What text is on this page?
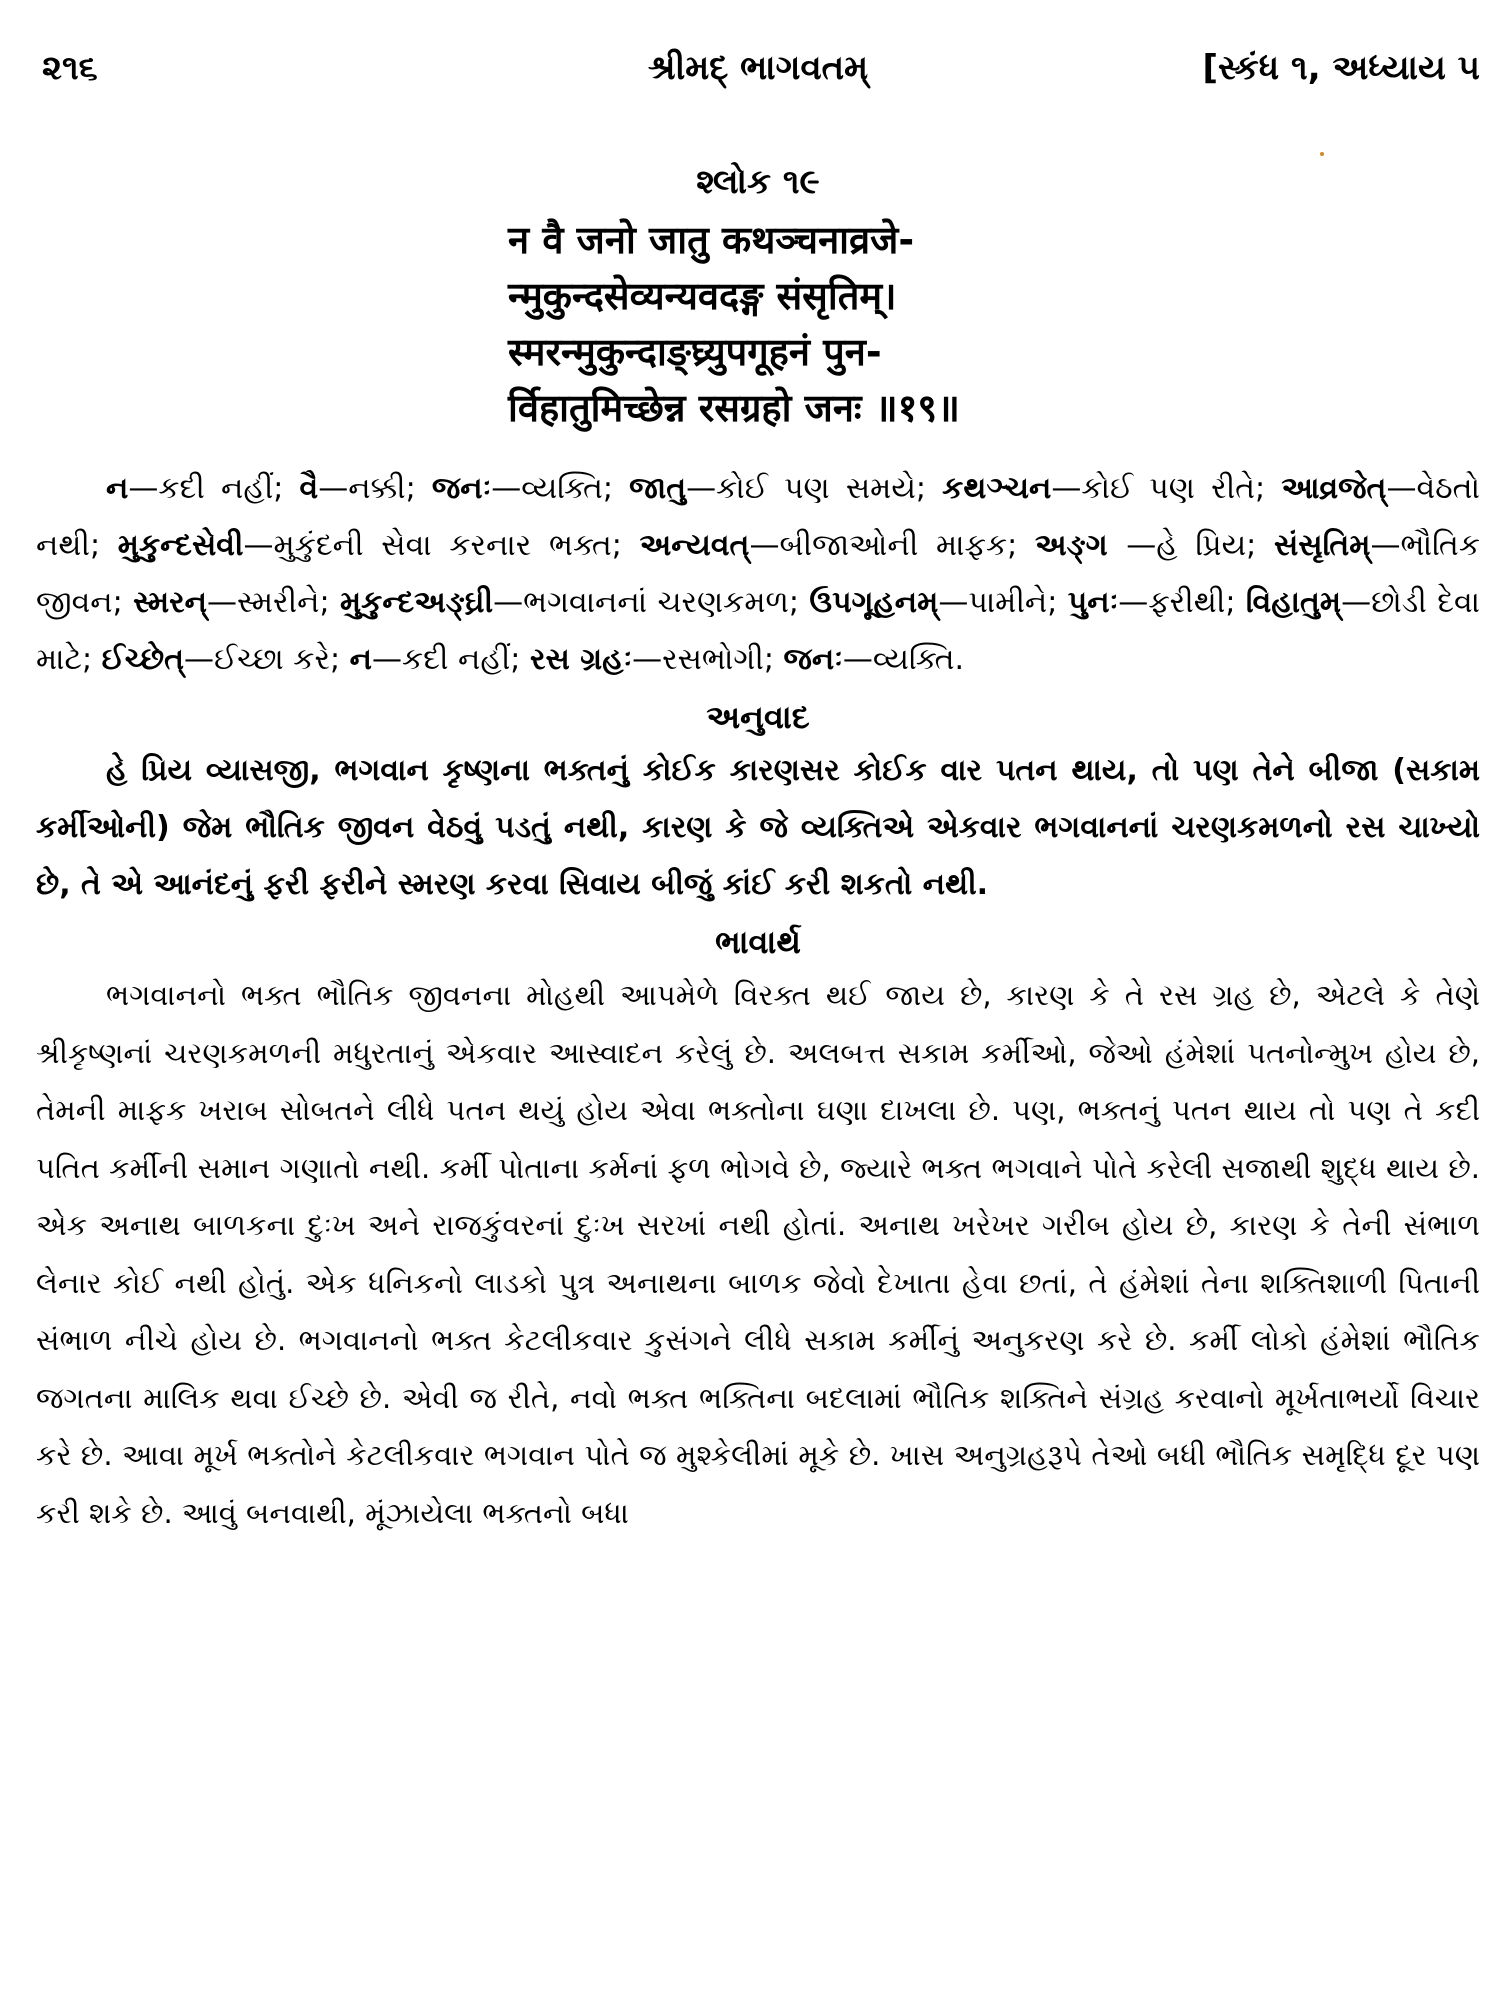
૨૧૬	શ્રીમદ્ ભાગવતમ્	[સ્કંધ ૧, અધ્યાય ૫
શ્લોક ૧૯
न वै जनो जातु कथञ्चनाव्रजे-
न्मुकुन्दसेव्यन्यवदङ्ग संसृतिम्।
स्मरन्मुकुन्दाङ्घ्र्युपगूहनं पुन-
र्विहातुमिच्छेन्न रसग्रहो जनः ॥१९॥
ન—કદી નહીં; વૈ—નક્કી; જનઃ—વ્યક્તિ; જાતુ—કોઈ પણ સમયે; કથઞ્ચન—કોઈ પણ રીતે; આવ્રજેત્—વેઠતો નથી; મુકુન્દસેવી—મુકુંદની સેવા કરનાર ભક્ત; અન્યવત્—બીજાઓની માફક; અઙ્ગ —હે પ્રિય; સંસૃતિમ્—ભૌતિક જીવન; સ્મરન્—સ્મરીને; મુકુન્દઅઙ્ઘ્રી—ભગવાનનાં ચરણકમળ; ઉપગૂહનમ્—પામીને; પુનઃ—ફરીથી; વિહાતુમ્—છોડી દેવા માટે; ઈચ્છેત્—ઈચ્છા કરે; ન—કદી નહીં; રસ ગ્રહઃ—રસભોગી; જનઃ—વ્યક્તિ.
અનુવાદ
હે પ્રિય વ્યાસજી, ભગવાન કૃષ્ણના ભક્તનું કોઈક કારણસર કોઈક વાર પતન થાય, તો પણ તેને બીજા (સકામ કર્મીઓની) જેમ ભૌતિક જીવન વેઠવું પડતું નથી, કારણ કે જે વ્યક્તિએ એકવાર ભગવાનનાં ચરણકમળનો રસ ચાખ્યો છે, તે એ આનંદનું ફરી ફરીને સ્મરણ કરવા સિવાય બીજું કાંઈ કરી શકતો નથી.
ભાવાર્થ
ભગવાનનો ભક્ત ભૌતિક જીવનના મોહથી આપમેળે વિરક્ત થઈ જાય છે, કારણ કે તે રસ ગ્રહ છે, એટલે કે તેણે શ્રીકૃષ્ણનાં ચરણકમળની મધુરતાનું એકવાર આસ્વાદન કરેલું છે. અલબત્ત સકામ કર્મીઓ, જેઓ હંમેશાં પતનોન્મુખ હોય છે, તેમની માફક ખરાબ સોબતને લીધે પતન થયું હોય એવા ભક્તોના ઘણા દાખલા છે. પણ, ભક્તનું પતન થાય તો પણ તે કદી પતિત કર્મીની સમાન ગણાતો નથી. કર્મી પોતાના કર્મનાં ફળ ભોગવે છે, જ્યારે ભક્ત ભગવાને પોતે કરેલી સજાથી શુદ્ધ થાય છે. એક અનાથ બાળકના દુઃખ અને રાજકુંવરનાં દુઃખ સરખાં નથી હોતાં. અનાથ ખરેખર ગરીબ હોય છે, કારણ કે તેની સંભાળ લેનાર કોઈ નથી હોતું. એક ધનિકનો લાડકો પુત્ર અનાથના બાળક જેવો દેખાતા હેવા છતાં, તે હંમેશાં તેના શક્તિશાળી પિતાની સંભાળ નીચે હોય છે. ભગવાનનો ભક્ત કેટલીકવાર કુસંગને લીધે સકામ કર્મીનું અનુકરણ કરે છે. કર્મી લોકો હંમેશાં ભૌતિક જગતના માલિક થવા ઈચ્છે છે. એવી જ રીતે, નવો ભક્ત ભક્તિના બદલામાં ભૌતિક શક્તિને સંગ્રહ કરવાનો મૂર્ખતાભર્યો વિચાર કરે છે. આવા મૂર્ખ ભક્તોને કેટલીકવાર ભગવાન પોતે જ મુશ્કેલીમાં મૂકે છે. ખાસ અનુગ્રહરૂપે તેઓ બધી ભૌતિક સમૃદ્ધિ દૂર પણ કરી શકે છે. આવું બનવાથી, મૂંઝાયેલા ભક્તનો બધા
